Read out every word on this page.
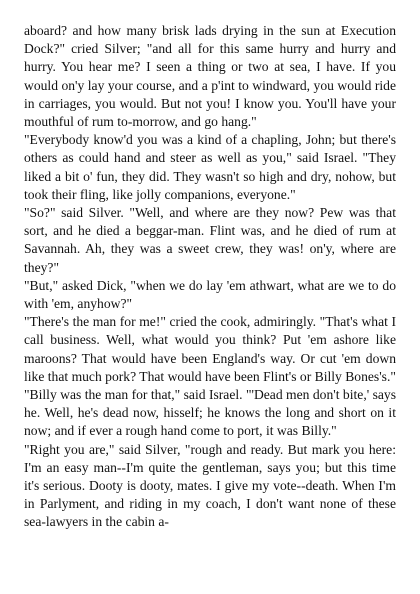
aboard? and how many brisk lads drying in the sun at Execution Dock?" cried Silver; "and all for this same hurry and hurry and hurry. You hear me? I seen a thing or two at sea, I have. If you would on'y lay your course, and a p'int to windward, you would ride in carriages, you would. But not you! I know you. You'll have your mouthful of rum to-morrow, and go hang."

"Everybody know'd you was a kind of a chapling, John; but there's others as could hand and steer as well as you," said Israel. "They liked a bit o' fun, they did. They wasn't so high and dry, nohow, but took their fling, like jolly companions, everyone."

"So?" said Silver. "Well, and where are they now? Pew was that sort, and he died a beggar-man. Flint was, and he died of rum at Savannah. Ah, they was a sweet crew, they was! on'y, where are they?"

"But," asked Dick, "when we do lay 'em athwart, what are we to do with 'em, anyhow?"

"There's the man for me!" cried the cook, admiringly. "That's what I call business. Well, what would you think? Put 'em ashore like maroons? That would have been England's way. Or cut 'em down like that much pork? That would have been Flint's or Billy Bones's."

"Billy was the man for that," said Israel. "'Dead men don't bite,' says he. Well, he's dead now, hisself; he knows the long and short on it now; and if ever a rough hand come to port, it was Billy."

"Right you are," said Silver, "rough and ready. But mark you here: I'm an easy man--I'm quite the gentleman, says you; but this time it's serious. Dooty is dooty, mates. I give my vote--death. When I'm in Parlyment, and riding in my coach, I don't want none of these sea-lawyers in the cabin a-
